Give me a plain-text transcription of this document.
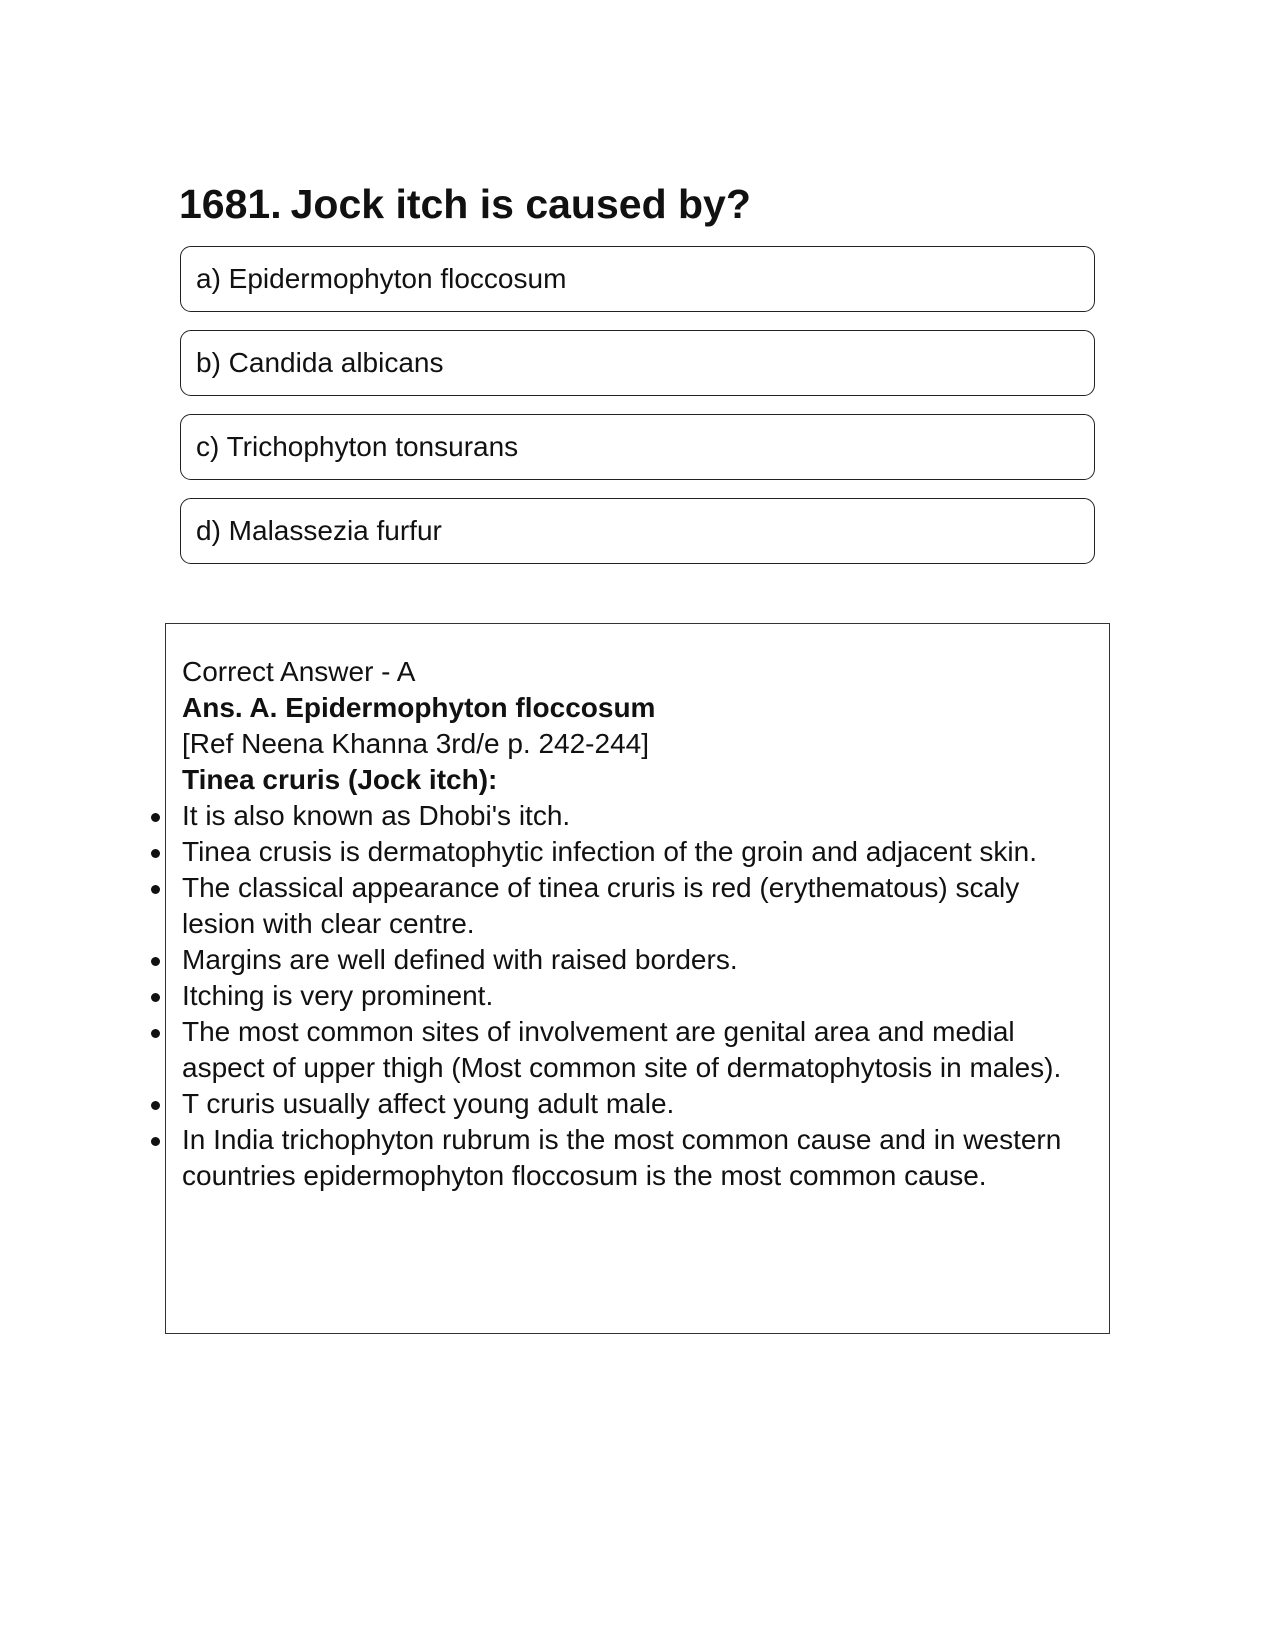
1681. Jock itch is caused by?
a) Epidermophyton floccosum
b) Candida albicans
c) Trichophyton tonsurans
d) Malassezia furfur

Correct Answer - A

Ans. A. Epidermophyton floccosum

[Ref Neena Khanna 3rd/e p. 242-244]

Tinea cruris (Jock itch):

It is also known as Dhobi's itch.
Tinea crusis is dermatophytic infection of the groin and adjacent skin.
The classical appearance of tinea cruris is red (erythematous) scaly lesion with clear centre.
Margins are well defined with raised borders.
Itching is very prominent.
The most common sites of involvement are genital area and medial aspect of upper thigh (Most common site of dermatophytosis in males).
T cruris usually affect young adult male.
In India trichophyton rubrum is the most common cause and in western countries epidermophyton floccosum is the most common cause.
